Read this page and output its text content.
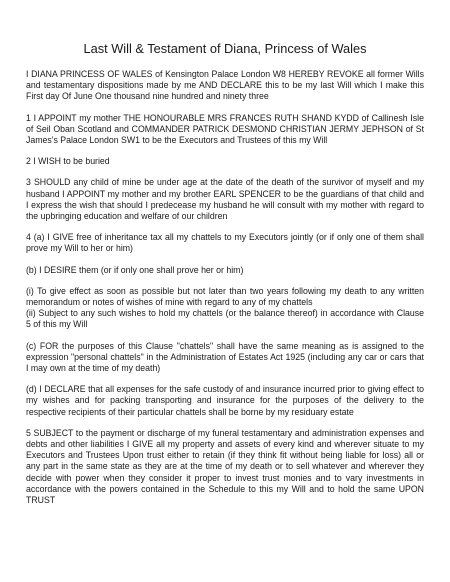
Last Will & Testament of Diana, Princess of Wales

I DIANA PRINCESS OF WALES of Kensington Palace London W8 HEREBY REVOKE all former Wills and testamentary dispositions made by me AND DECLARE this to be my last Will which I make this First day Of June One thousand nine hundred and ninety three

1 I APPOINT my mother THE HONOURABLE MRS FRANCES RUTH SHAND KYDD of Callinesh Isle of Seil Oban Scotland and COMMANDER PATRICK DESMOND CHRISTIAN JERMY JEPHSON of St James's Palace London SW1 to be the Executors and Trustees of this my Will

2 I WISH to be buried

3 SHOULD any child of mine be under age at the date of the death of the survivor of myself and my husband I APPOINT my mother and my brother EARL SPENCER to be the guardians of that child and I express the wish that should I predecease my husband he will consult with my mother with regard to the upbringing education and welfare of our children

4 (a) I GIVE free of inheritance tax all my chattels to my Executors jointly (or if only one of them shall prove my Will to her or him)

(b) I DESIRE them (or if only one shall prove her or him)

(i) To give effect as soon as possible but not later than two years following my death to any written memorandum or notes of wishes of mine with regard to any of my chattels
(ii) Subject to any such wishes to hold my chattels (or the balance thereof) in accordance with Clause 5 of this my Will

(c) FOR the purposes of this Clause "chattels" shall have the same meaning as is assigned to the expression "personal chattels" in the Administration of Estates Act 1925 (including any car or cars that I may own at the time of my death)

(d) I DECLARE that all expenses for the safe custody of and insurance incurred prior to giving effect to my wishes and for packing transporting and insurance for the purposes of the delivery to the respective recipients of their particular chattels shall be borne by my residuary estate

5 SUBJECT to the payment or discharge of my funeral testamentary and administration expenses and debts and other liabilities I GIVE all my property and assets of every kind and wherever situate to my Executors and Trustees Upon trust either to retain (if they think fit without being liable for loss) all or any part in the same state as they are at the time of my death or to sell whatever and wherever they decide with power when they consider it proper to invest trust monies and to vary investments in accordance with the powers contained in the Schedule to this my Will and to hold the same UPON TRUST
